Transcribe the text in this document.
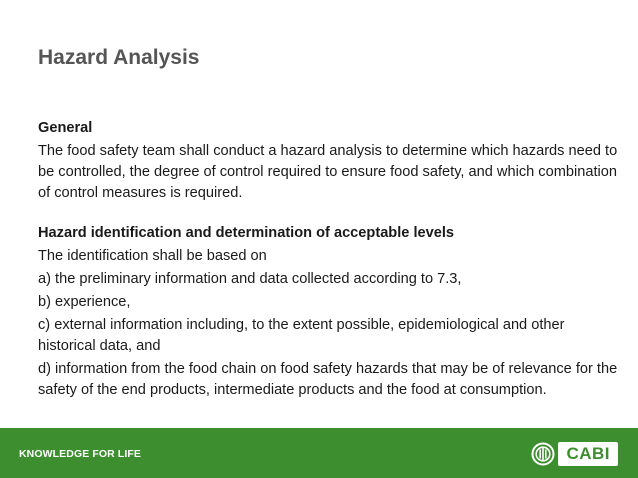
Hazard Analysis

General

The food safety team shall conduct a hazard analysis to determine which hazards need to be controlled, the degree of control required to ensure food safety, and which combination of control measures is required.

Hazard identification and determination of acceptable levels

The identification shall be based on

a) the preliminary information and data collected according to 7.3,

b) experience,

c) external information including, to the extent possible, epidemiological and other historical data, and

d) information from the food chain on food safety hazards that may be of relevance for the safety of the end products, intermediate products and the food at consumption.

KNOWLEDGE FOR LIFE	CABI
